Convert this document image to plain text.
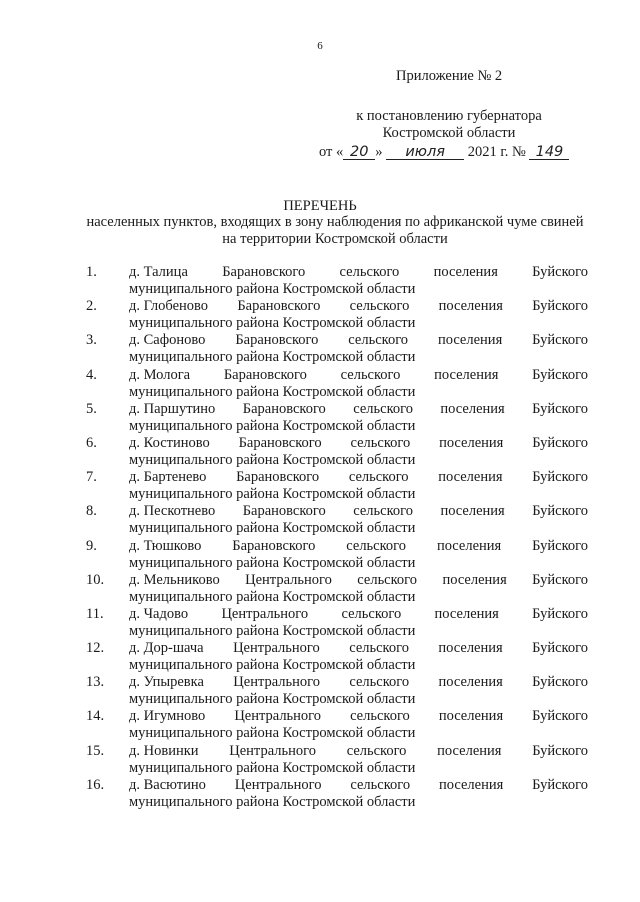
6
Приложение № 2
к постановлению губернатора
Костромской области
от « 20 » июля 2021 г. № 149
ПЕРЕЧЕНЬ
населенных пунктов, входящих в зону наблюдения по африканской чуме свиней на территории Костромской области
1.	д. Талица Барановского сельского поселения Буйского
муниципального района Костромской области
2.	д. Глобеново Барановского сельского поселения Буйского
муниципального района Костромской области
3.	д. Сафоново Барановского сельского поселения Буйского
муниципального района Костромской области
4.	д. Молога Барановского сельского поселения Буйского
муниципального района Костромской области
5.	д. Паршутино Барановского сельского поселения Буйского
муниципального района Костромской области
6.	д. Костиново Барановского сельского поселения Буйского
муниципального района Костромской области
7.	д. Бартенево Барановского сельского поселения Буйского
муниципального района Костромской области
8.	д. Пескотнево Барановского сельского поселения Буйского
муниципального района Костромской области
9.	д. Тюшково Барановского сельского поселения Буйского
муниципального района Костромской области
10.	д. Мельниково Центрального сельского поселения Буйского
муниципального района Костромской области
11.	д. Чадово Центрального сельского поселения Буйского
муниципального района Костромской области
12.	д. Дор-шача Центрального сельского поселения Буйского
муниципального района Костромской области
13.	д. Упыревка Центрального сельского поселения Буйского
муниципального района Костромской области
14.	д. Игумново Центрального сельского поселения Буйского
муниципального района Костромской области
15.	д. Новинки Центрального сельского поселения Буйского
муниципального района Костромской области
16.	д. Васютино Центрального сельского поселения Буйского
муниципального района Костромской области
